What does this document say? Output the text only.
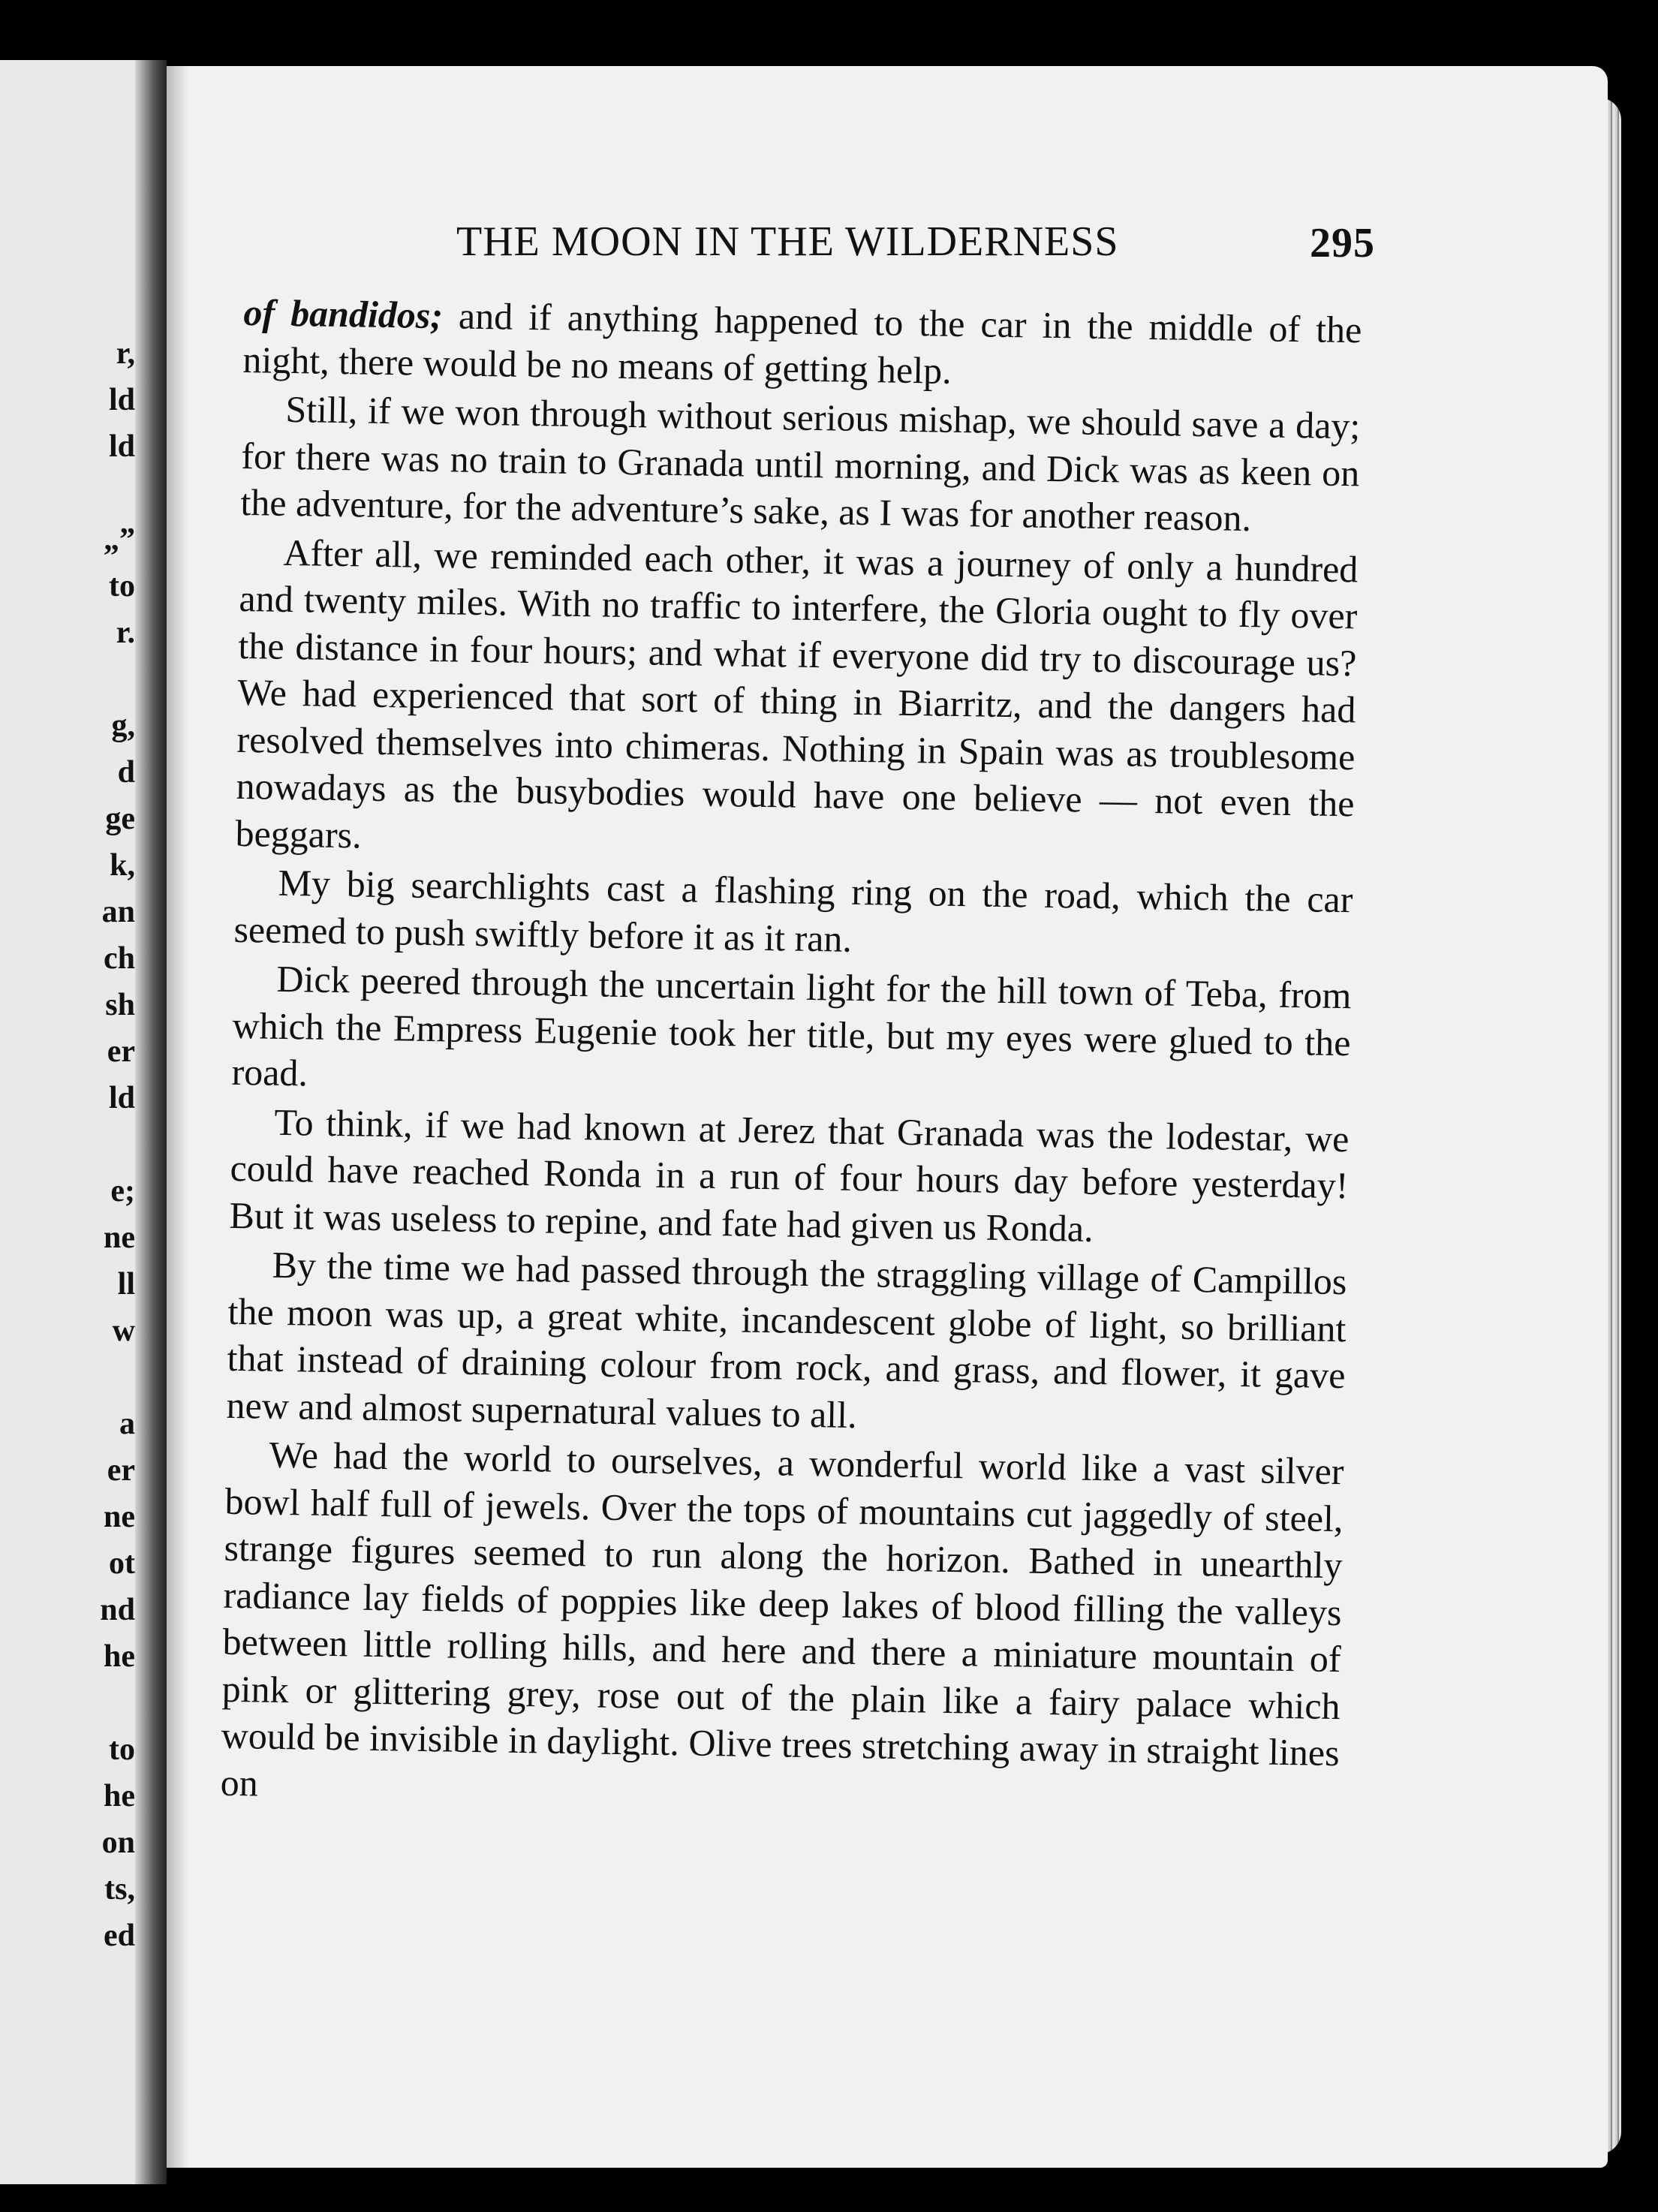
r,
ld
ld
„”
to
r.
g,
d
ge
k,
an
ch
sh
er
ld
e;
ne
ll
w
a
er
ne
ot
nd
he
to
he
on
ts,
ed
THE MOON IN THE WILDERNESS	295

of bandidos; and if anything happened to the car in the middle of the night, there would be no means of getting help.

Still, if we won through without serious mishap, we should save a day; for there was no train to Granada until morning, and Dick was as keen on the adventure, for the adventure’s sake, as I was for another reason.

After all, we reminded each other, it was a journey of only a hundred and twenty miles. With no traffic to interfere, the Gloria ought to fly over the distance in four hours; and what if everyone did try to discourage us? We had experienced that sort of thing in Biarritz, and the dangers had resolved themselves into chimeras. Nothing in Spain was as troublesome nowadays as the busybodies would have one believe — not even the beggars.

My big searchlights cast a flashing ring on the road, which the car seemed to push swiftly before it as it ran.

Dick peered through the uncertain light for the hill town of Teba, from which the Empress Eugenie took her title, but my eyes were glued to the road.

To think, if we had known at Jerez that Granada was the lodestar, we could have reached Ronda in a run of four hours day before yesterday! But it was useless to repine, and fate had given us Ronda.

By the time we had passed through the straggling village of Campillos the moon was up, a great white, incandescent globe of light, so brilliant that instead of draining colour from rock, and grass, and flower, it gave new and almost supernatural values to all.

We had the world to ourselves, a wonderful world like a vast silver bowl half full of jewels. Over the tops of mountains cut jaggedly of steel, strange figures seemed to run along the horizon. Bathed in unearthly radiance lay fields of poppies like deep lakes of blood filling the valleys between little rolling hills, and here and there a miniature mountain of pink or glittering grey, rose out of the plain like a fairy palace which would be invisible in daylight. Olive trees stretching away in straight lines on
